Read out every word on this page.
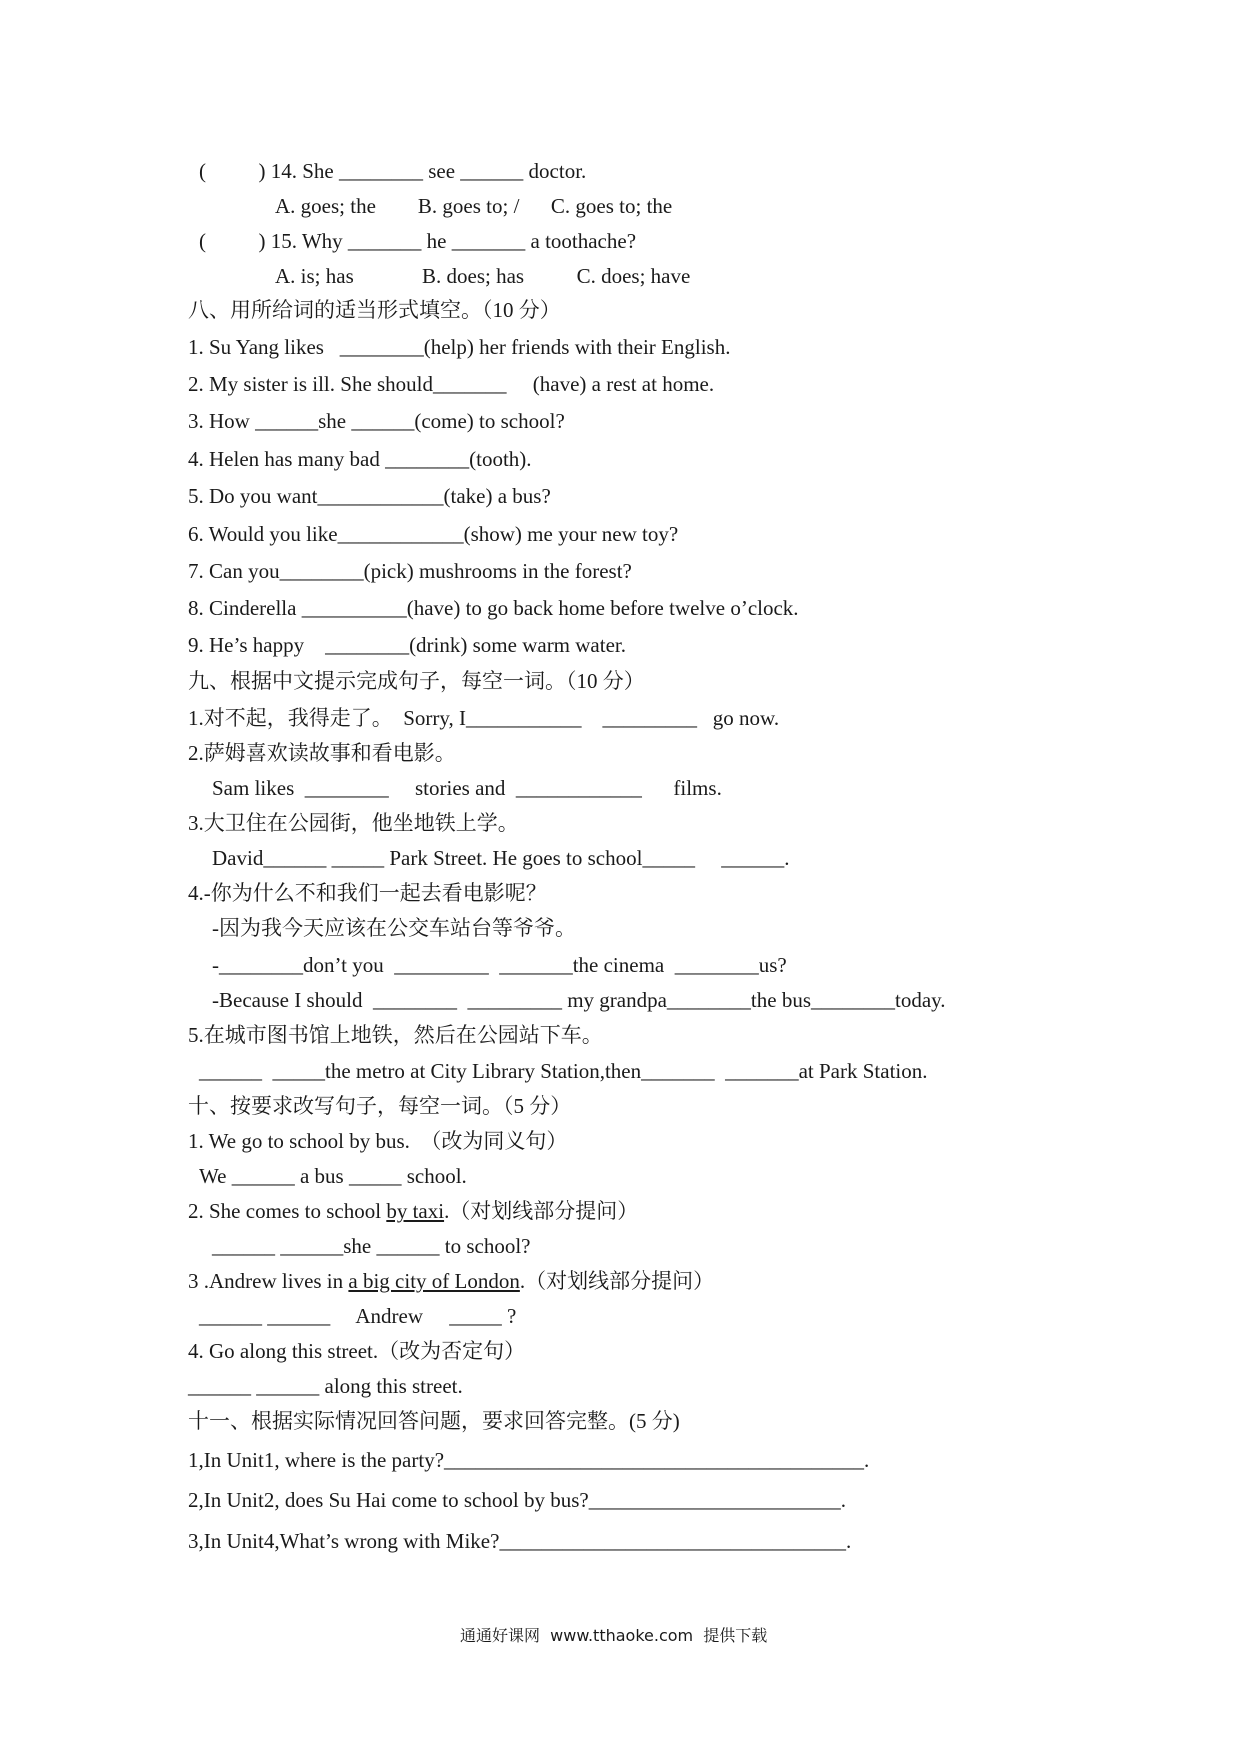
(          ) 14. She ________ see ______ doctor.
A. goes; the        B. goes to; /      C. goes to; the
(          ) 15. Why _______ he _______ a toothache?
A. is; has             B. does; has          C. does; have
八、用所给词的适当形式填空。（10 分）
1. Su Yang likes   ________(help) her friends with their English.
2. My sister is ill. She should_______     (have) a rest at home.
3. How ______she ______(come) to school?
4. Helen has many bad ________(tooth).
5. Do you want____________(take) a bus?
6. Would you like____________(show) me your new toy?
7. Can you________(pick) mushrooms in the forest?
8. Cinderella __________(have) to go back home before twelve o’clock.
9. He’s happy    ________(drink) some warm water.
九、根据中文提示完成句子，每空一词。（10 分）
1.对不起，我得走了。  Sorry, I___________    _________   go now.
2.萨姆喜欢读故事和看电影。
Sam likes  ________     stories and  ____________      films.
3.大卫住在公园街，他坐地铁上学。
David______ _____ Park Street. He goes to school_____     ______.
4.-你为什么不和我们一起去看电影呢？
-因为我今天应该在公交车站台等爷爷。
-________don’t you  _________  _______the cinema  ________us?
-Because I should  ________  _________ my grandpa________the bus________today.
5.在城市图书馆上地铁，然后在公园站下车。
______  _____the metro at City Library Station,then_______  _______at Park Station.
十、按要求改写句子，每空一词。（5 分）
1. We go to school by bus.  （改为同义句）
We ______ a bus _____ school.
2. She comes to school by taxi.（对划线部分提问）
______ ______she ______ to school?
3 .Andrew lives in a big city of London.（对划线部分提问）
______ ______     Andrew     _____ ?
4. Go along this street.（改为否定句）
______ ______ along this street.
十一、根据实际情况回答问题，要求回答完整。(5 分)
1,In Unit1, where is the party?________________________________________.
2,In Unit2, does Su Hai come to school by bus?________________________.
3,In Unit4,What’s wrong with Mike?_________________________________.
通通好课网  www.tthaoke.com  提供下载
